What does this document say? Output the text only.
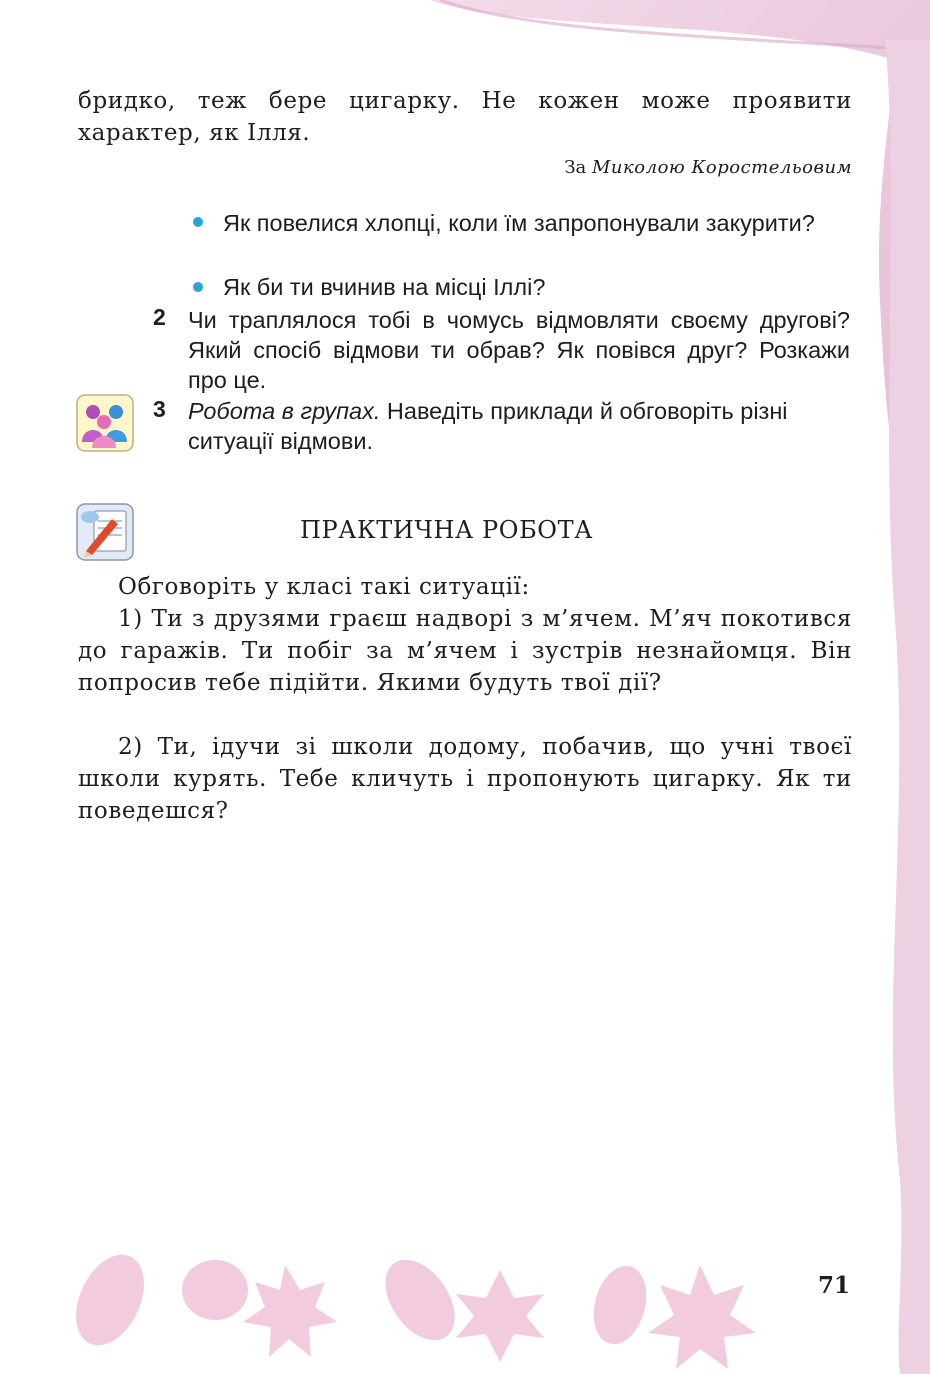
бридко, теж бере цигарку. Не кожен може проявити характер, як Ілля.
За Миколою Коростельовим
Як повелися хлопці, коли їм запропонували закурити?
Як би ти вчинив на місці Іллі?
2 Чи траплялося тобі в чомусь відмовляти своєму другові? Який спосіб відмови ти обрав? Як повівся друг? Розкажи про це.
3 Робота в групах. Наведіть приклади й обговоріть різні ситуації відмови.
ПРАКТИЧНА РОБОТА
Обговоріть у класі такі ситуації:
1) Ти з друзями граєш надворі з м’ячем. М’яч покотився до гаражів. Ти побіг за м’ячем і зустрів незнайомця. Він попросив тебе підійти. Якими будуть твої дії?
2) Ти, ідучи зі школи додому, побачив, що учні твоєї школи курять. Тебе кличуть і пропонують цигарку. Як ти поведешся?
71
